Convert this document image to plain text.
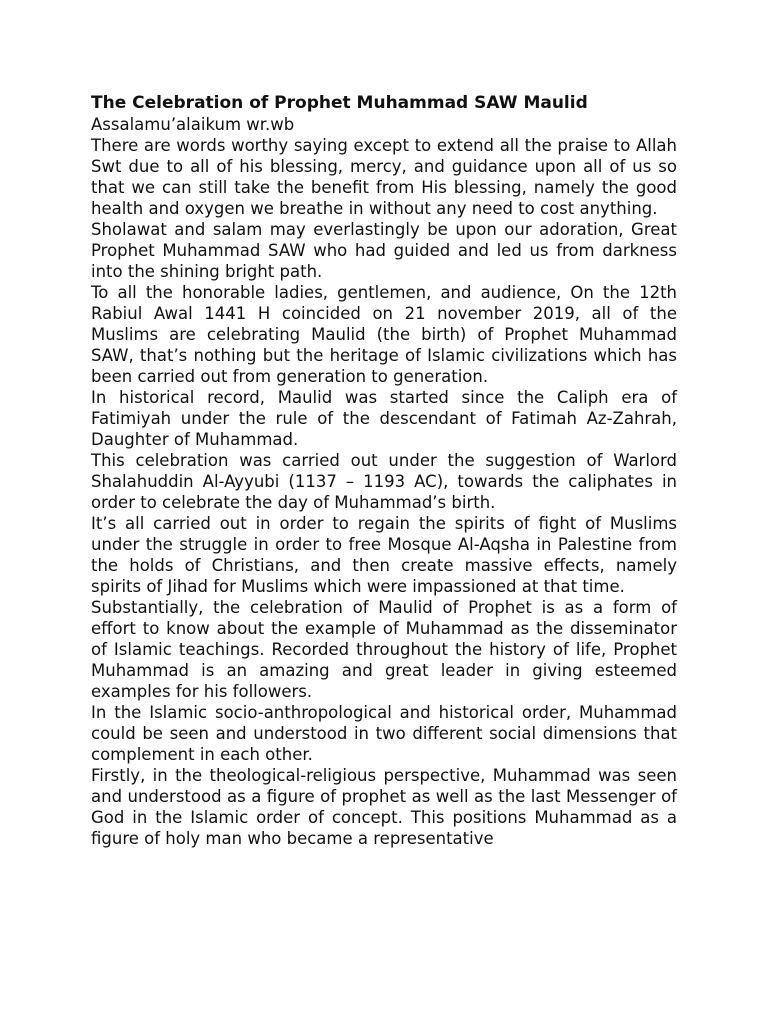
The Celebration of Prophet Muhammad SAW Maulid

Assalamu’alaikum wr.wb

There are words worthy saying except to extend all the praise to Allah Swt due to all of his blessing, mercy, and guidance upon all of us so that we can still take the benefit from His blessing, namely the good health and oxygen we breathe in without any need to cost anything.

Sholawat and salam may everlastingly be upon our adoration, Great Prophet Muhammad SAW who had guided and led us from darkness into the shining bright path.

To all the honorable ladies, gentlemen, and audience, On the 12th Rabiul Awal 1441 H coincided on 21 november 2019, all of the Muslims are celebrating Maulid (the birth) of Prophet Muhammad SAW, that’s nothing but the heritage of Islamic civilizations which has been carried out from generation to generation.

In historical record, Maulid was started since the Caliph era of Fatimiyah under the rule of the descendant of Fatimah Az-Zahrah, Daughter of Muhammad.

This celebration was carried out under the suggestion of Warlord Shalahuddin Al-Ayyubi (1137 – 1193 AC), towards the caliphates in order to celebrate the day of Muhammad’s birth.

It’s all carried out in order to regain the spirits of fight of Muslims under the struggle in order to free Mosque Al-Aqsha in Palestine from the holds of Christians, and then create massive effects, namely spirits of Jihad for Muslims which were impassioned at that time.

Substantially, the celebration of Maulid of Prophet is as a form of effort to know about the example of Muhammad as the disseminator of Islamic teachings. Recorded throughout the history of life, Prophet Muhammad is an amazing and great leader in giving esteemed examples for his followers.

In the Islamic socio-anthropological and historical order, Muhammad could be seen and understood in two different social dimensions that complement in each other.

Firstly, in the theological-religious perspective, Muhammad was seen and understood as a figure of prophet as well as the last Messenger of God in the Islamic order of concept. This positions Muhammad as a figure of holy man who became a representative
